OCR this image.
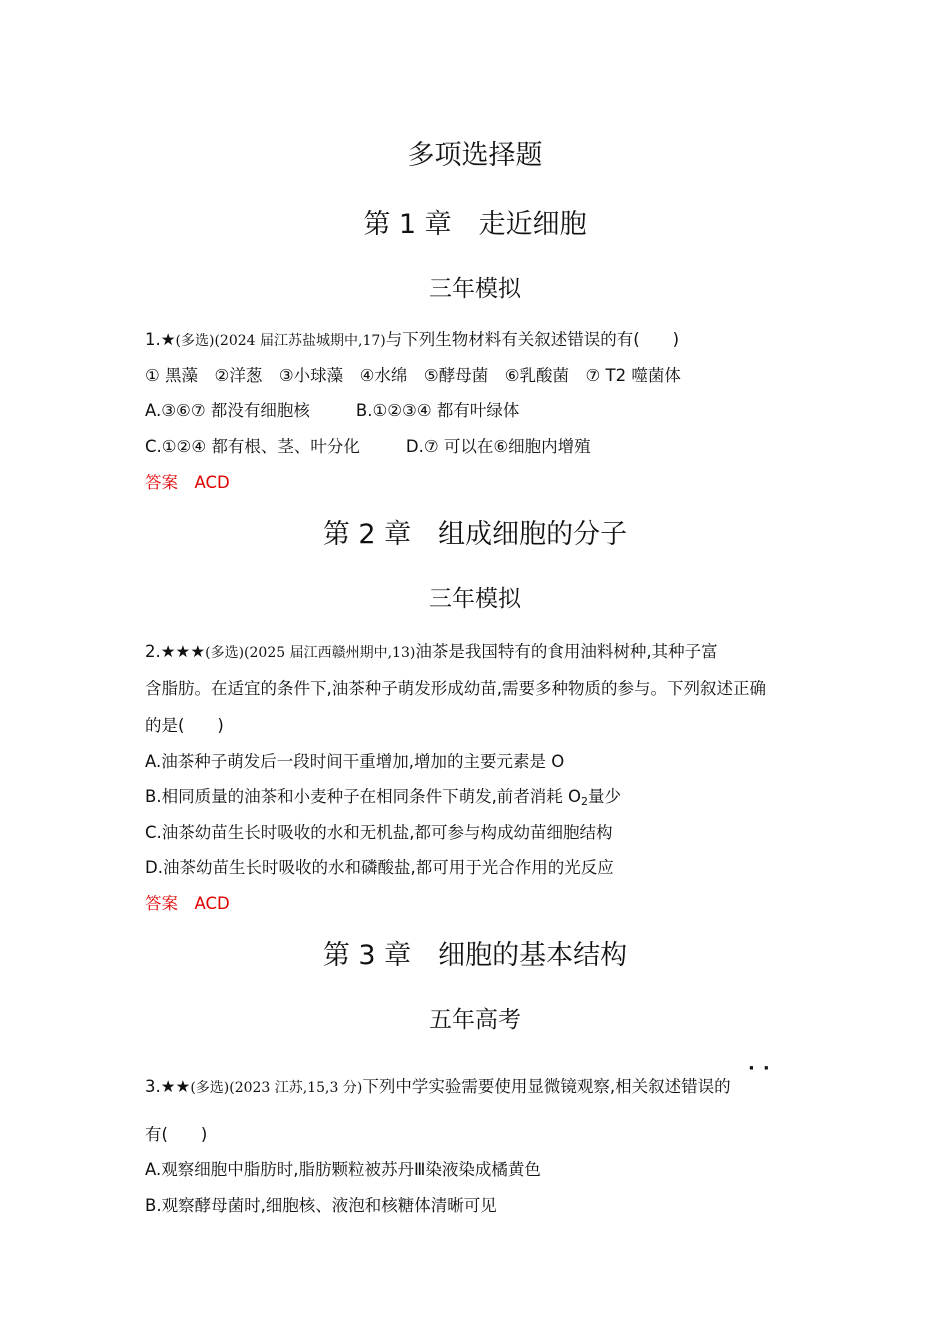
多项选择题
第 1 章　走近细胞
三年模拟
1.★(多选)(2024 届江苏盐城期中,17)与下列生物材料有关叙述错误的有(　　)
① 黑藻　②洋葱　③小球藻　④水绵　⑤酵母菌　⑥乳酸菌　⑦ T2 噬菌体
A.③⑥⑦ 都没有细胞核	B.①②③④ 都有叶绿体
C.①②④ 都有根、茎、叶分化	D.⑦ 可以在⑥细胞内增殖
答案　ACD
第 2 章　组成细胞的分子
三年模拟
2.★★★(多选)(2025 届江西赣州期中,13)油茶是我国特有的食用油料树种,其种子富
含脂肪。在适宜的条件下,油茶种子萌发形成幼苗,需要多种物质的参与。下列叙述正确
的是(　　)
A.油茶种子萌发后一段时间干重增加,增加的主要元素是 O
B.相同质量的油茶和小麦种子在相同条件下萌发,前者消耗 $O_2$量少
C.油茶幼苗生长时吸收的水和无机盐,都可参与构成幼苗细胞结构
D.油茶幼苗生长时吸收的水和磷酸盐,都可用于光合作用的光反应
答案　ACD
第 3 章　细胞的基本结构
五年高考
··
3.★★(多选)(2023 江苏,15,3 分)下列中学实验需要使用显微镜观察,相关叙述错误的
有(　　)
A.观察细胞中脂肪时,脂肪颗粒被苏丹Ⅲ染液染成橘黄色
B.观察酵母菌时,细胞核、液泡和核糖体清晰可见
